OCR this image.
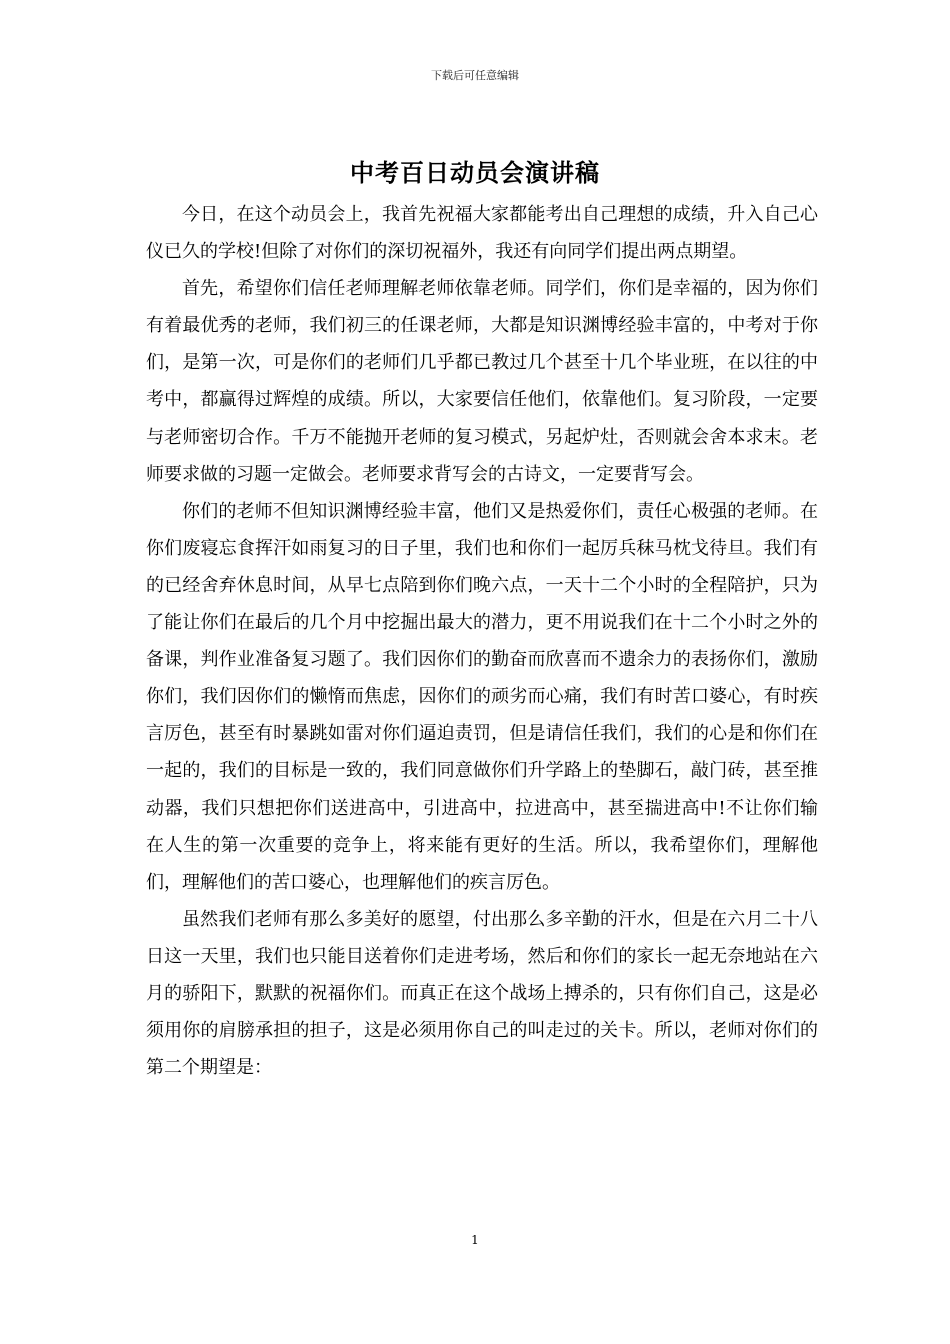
下载后可任意编辑
中考百日动员会演讲稿

今日，在这个动员会上，我首先祝福大家都能考出自己理想的成绩，升入自己心仪已久的学校!但除了对你们的深切祝福外，我还有向同学们提出两点期望。

首先，希望你们信任老师理解老师依靠老师。同学们，你们是幸福的，因为你们有着最优秀的老师，我们初三的任课老师，大都是知识渊博经验丰富的，中考对于你们，是第一次，可是你们的老师们几乎都已教过几个甚至十几个毕业班，在以往的中考中，都赢得过辉煌的成绩。所以，大家要信任他们，依靠他们。复习阶段，一定要与老师密切合作。千万不能抛开老师的复习模式，另起炉灶，否则就会舍本求末。老师要求做的习题一定做会。老师要求背写会的古诗文，一定要背写会。

你们的老师不但知识渊博经验丰富，他们又是热爱你们，责任心极强的老师。在你们废寝忘食挥汗如雨复习的日子里，我们也和你们一起厉兵秣马枕戈待旦。我们有的已经舍弃休息时间，从早七点陪到你们晚六点，一天十二个小时的全程陪护，只为了能让你们在最后的几个月中挖掘出最大的潜力，更不用说我们在十二个小时之外的备课，判作业准备复习题了。我们因你们的勤奋而欣喜而不遗余力的表扬你们，激励你们，我们因你们的懒惰而焦虑，因你们的顽劣而心痛，我们有时苦口婆心，有时疾言厉色，甚至有时暴跳如雷对你们逼迫责罚，但是请信任我们，我们的心是和你们在一起的，我们的目标是一致的，我们同意做你们升学路上的垫脚石，敲门砖，甚至推动器，我们只想把你们送进高中，引进高中，拉进高中，甚至揣进高中!不让你们输在人生的第一次重要的竞争上，将来能有更好的生活。所以，我希望你们，理解他们，理解他们的苦口婆心，也理解他们的疾言厉色。

虽然我们老师有那么多美好的愿望，付出那么多辛勤的汗水，但是在六月二十八日这一天里，我们也只能目送着你们走进考场，然后和你们的家长一起无奈地站在六月的骄阳下，默默的祝福你们。而真正在这个战场上搏杀的，只有你们自己，这是必须用你的肩膀承担的担子，这是必须用你自己的叫走过的关卡。所以，老师对你们的第二个期望是：

1
